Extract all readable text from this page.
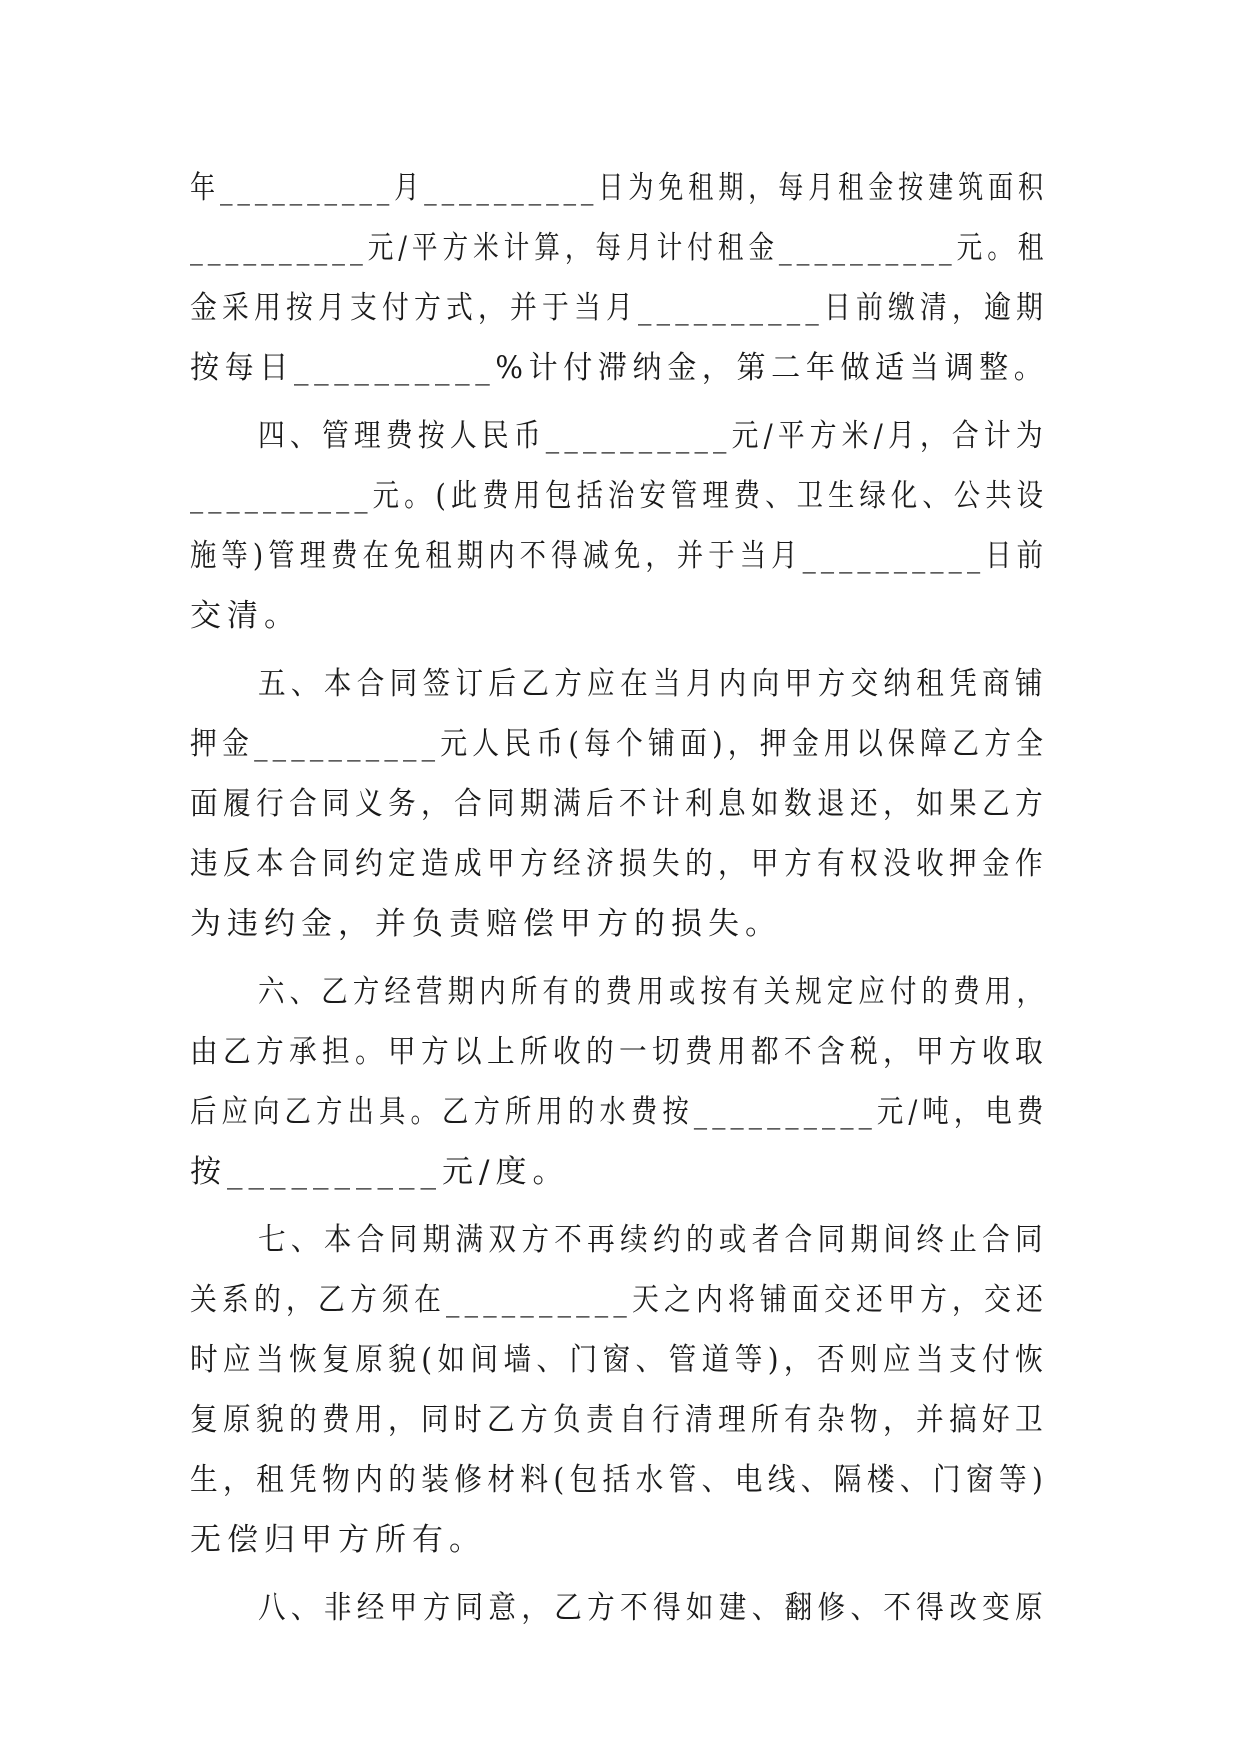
年__________月__________日为免租期，每月租金按建筑面积
__________元/平方米计算，每月计付租金__________元。租
金采用按月支付方式，并于当月__________日前缴清，逾期
按每日__________%计付滞纳金，第二年做适当调整。
四、管理费按人民币__________元/平方米/月，合计为
__________元。(此费用包括治安管理费、卫生绿化、公共设
施等)管理费在免租期内不得减免，并于当月__________日前
交清。
五、本合同签订后乙方应在当月内向甲方交纳租凭商铺
押金__________元人民币(每个铺面)，押金用以保障乙方全
面履行合同义务，合同期满后不计利息如数退还，如果乙方
违反本合同约定造成甲方经济损失的，甲方有权没收押金作
为违约金，并负责赔偿甲方的损失。
六、乙方经营期内所有的费用或按有关规定应付的费用，
由乙方承担。甲方以上所收的一切费用都不含税，甲方收取
后应向乙方出具。乙方所用的水费按__________元/吨，电费
按__________元/度。
七、本合同期满双方不再续约的或者合同期间终止合同
关系的，乙方须在__________天之内将铺面交还甲方，交还
时应当恢复原貌(如间墙、门窗、管道等)，否则应当支付恢
复原貌的费用，同时乙方负责自行清理所有杂物，并搞好卫
生，租凭物内的装修材料(包括水管、电线、隔楼、门窗等)
无偿归甲方所有。
八、非经甲方同意，乙方不得如建、翻修、不得改变原
